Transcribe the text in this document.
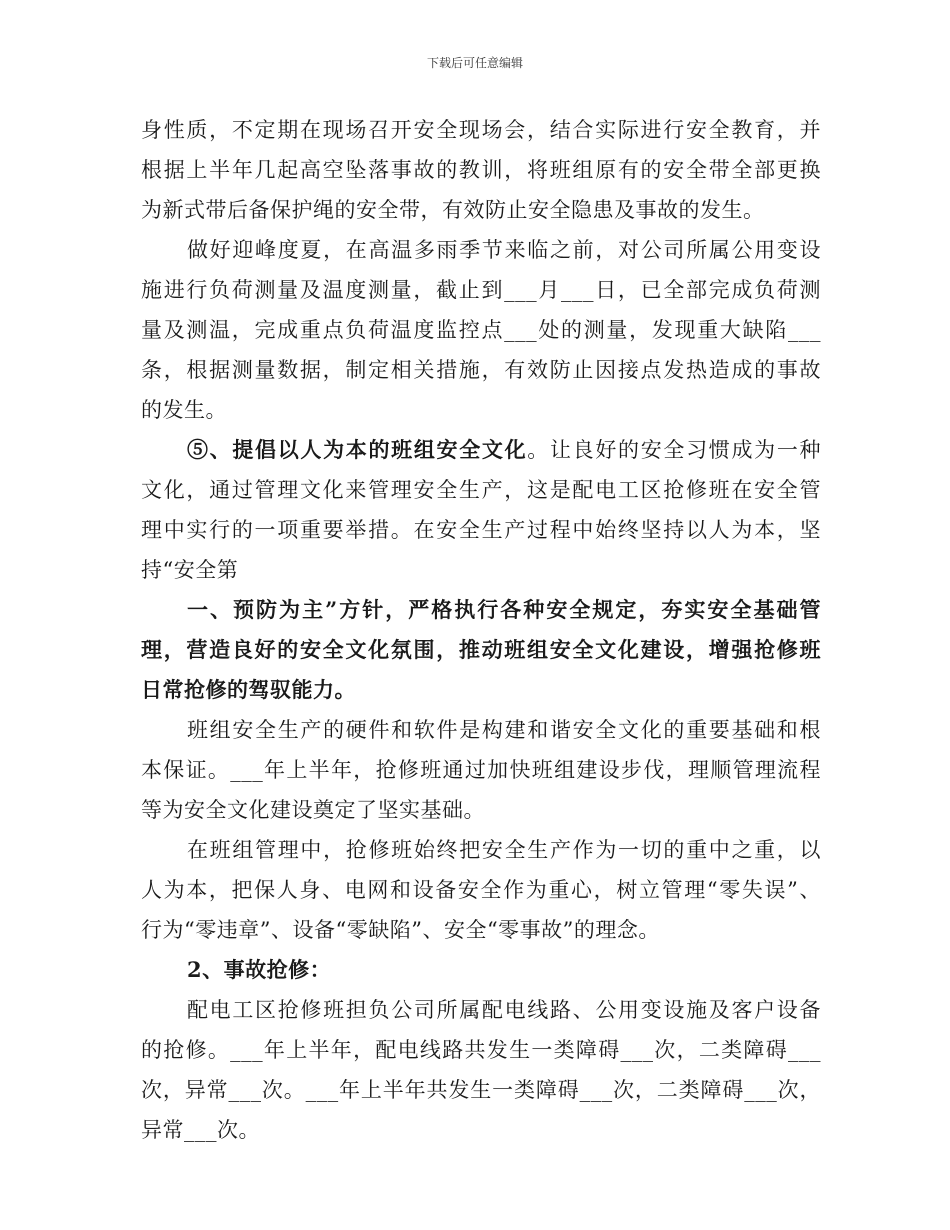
下载后可任意编辑
身性质，不定期在现场召开安全现场会，结合实际进行安全教育，并
根据上半年几起高空坠落事故的教训，将班组原有的安全带全部更换
为新式带后备保护绳的安全带，有效防止安全隐患及事故的发生。
做好迎峰度夏，在高温多雨季节来临之前，对公司所属公用变设
施进行负荷测量及温度测量，截止到___月___日，已全部完成负荷测
量及测温，完成重点负荷温度监控点___处的测量，发现重大缺陷___
条，根据测量数据，制定相关措施，有效防止因接点发热造成的事故
的发生。
⑤、提倡以人为本的班组安全文化。让良好的安全习惯成为一种
文化，通过管理文化来管理安全生产，这是配电工区抢修班在安全管
理中实行的一项重要举措。在安全生产过程中始终坚持以人为本，坚
持“安全第
一、预防为主”方针，严格执行各种安全规定，夯实安全基础管
理，营造良好的安全文化氛围，推动班组安全文化建设，增强抢修班
日常抢修的驾驭能力。
班组安全生产的硬件和软件是构建和谐安全文化的重要基础和根
本保证。___年上半年，抢修班通过加快班组建设步伐，理顺管理流程
等为安全文化建设奠定了坚实基础。
在班组管理中，抢修班始终把安全生产作为一切的重中之重，以
人为本，把保人身、电网和设备安全作为重心，树立管理“零失误”、
行为“零违章”、设备“零缺陷”、安全“零事故”的理念。
2、事故抢修：
配电工区抢修班担负公司所属配电线路、公用变设施及客户设备
的抢修。___年上半年，配电线路共发生一类障碍___次，二类障碍___
次，异常___次。___年上半年共发生一类障碍___次，二类障碍___次，
异常___次。
